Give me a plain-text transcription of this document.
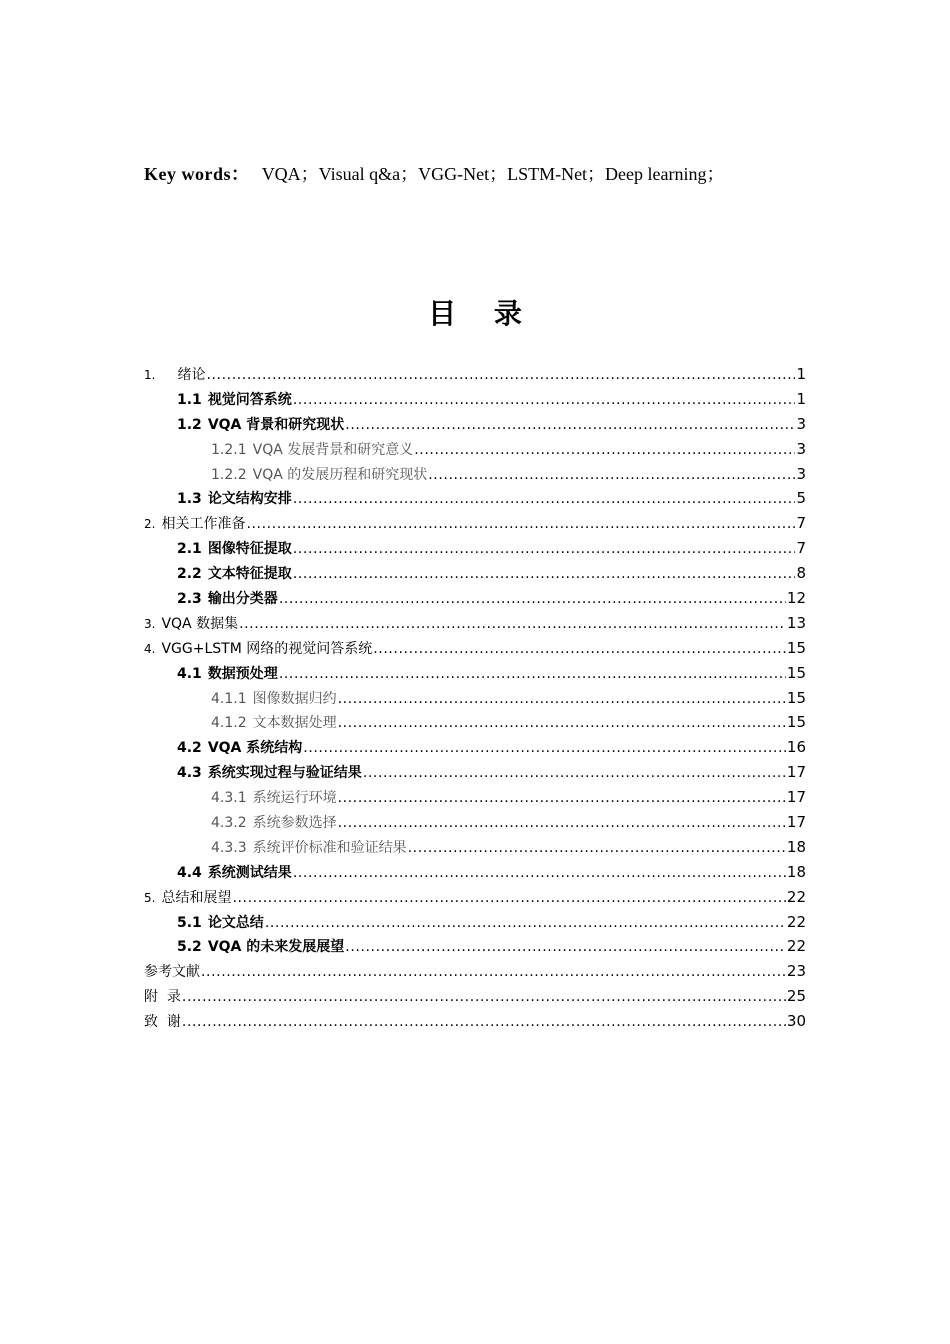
Key words： VQA；Visual q&a；VGG-Net；LSTM-Net；Deep learning；
目 录
1. 绪论 .....	1
1.1 视觉问答系统 .....	1
1.2 VQA 背景和研究现状 .....	3
1.2.1 VQA 发展背景和研究意义 .....	3
1.2.2 VQA 的发展历程和研究现状 .....	3
1.3 论文结构安排 .....	5
2. 相关工作准备 .....	7
2.1 图像特征提取 .....	7
2.2 文本特征提取 .....	8
2.3 输出分类器 .....	12
3. VQA 数据集 .....	13
4. VGG+LSTM 网络的视觉问答系统 .....	15
4.1 数据预处理 .....	15
4.1.1 图像数据归约 .....	15
4.1.2 文本数据处理 .....	15
4.2 VQA 系统结构 .....	16
4.3 系统实现过程与验证结果 .....	17
4.3.1 系统运行环境 .....	17
4.3.2 系统参数选择 .....	17
4.3.3 系统评价标准和验证结果 .....	18
4.4 系统测试结果 .....	18
5. 总结和展望 .....	22
5.1 论文总结 .....	22
5.2 VQA 的未来发展展望 .....	22
参考文献 .....	23
附  录 .....	25
致  谢 .....	30
